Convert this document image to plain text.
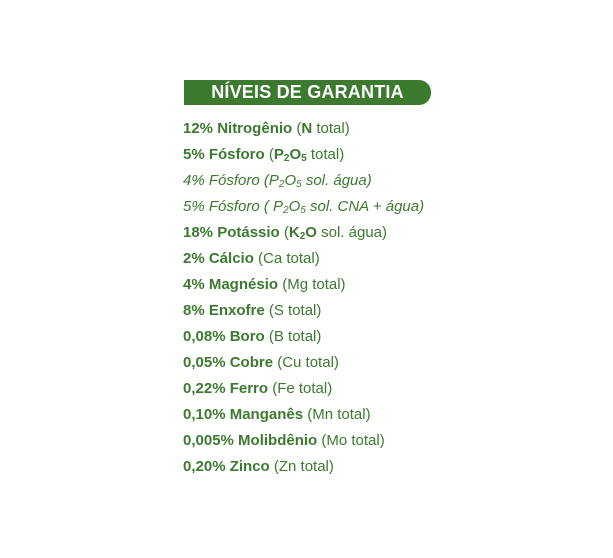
NÍVEIS DE GARANTIA
12% Nitrogênio (N total)
5% Fósforo (P2O5 total)
4% Fósforo (P2O5 sol. água)
5% Fósforo ( P2O5 sol. CNA + água)
18% Potássio (K2O sol. água)
2% Cálcio (Ca total)
4% Magnésio (Mg total)
8% Enxofre (S total)
0,08% Boro (B total)
0,05% Cobre (Cu total)
0,22% Ferro (Fe total)
0,10% Manganês (Mn total)
0,005% Molibdênio (Mo total)
0,20% Zinco (Zn total)
